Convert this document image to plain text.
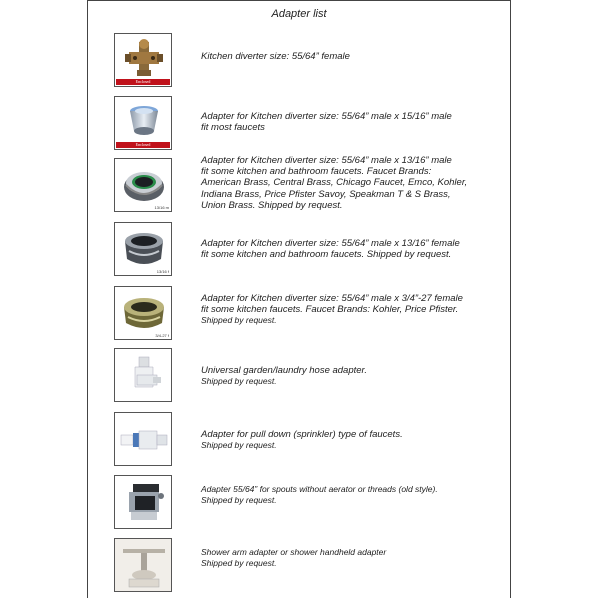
Adapter list
Enclosed
Kitchen diverter size: 55/64” female
Enclosed
Adapter for Kitchen diverter size: 55/64” male x 15/16” male
fit most faucets
13/16 m
Adapter for Kitchen diverter size: 55/64” male x 13/16” male
fit some kitchen and bathroom faucets. Faucet Brands:
American Brass, Central Brass, Chicago Faucet, Emco, Kohler,
Indiana Brass, Price Pfister Savoy, Speakman T & S Brass,
Union Brass. Shipped by request.
13/16 f
Adapter for Kitchen diverter size: 55/64” male x 13/16” female
fit some kitchen and bathroom faucets. Shipped by request.
3/4-27 f
Adapter for Kitchen diverter size: 55/64” male x 3/4”-27 female
fit some kitchen faucets. Faucet Brands: Kohler, Price Pfister.
Shipped by request.
Universal garden/laundry hose adapter.
Shipped by request.
Adapter for pull down (sprinkler) type of faucets.
Shipped by request.
Adapter 55/64” for spouts without aerator or threads (old style).
Shipped by request.
Shower arm adapter or shower handheld adapter
Shipped by request.
